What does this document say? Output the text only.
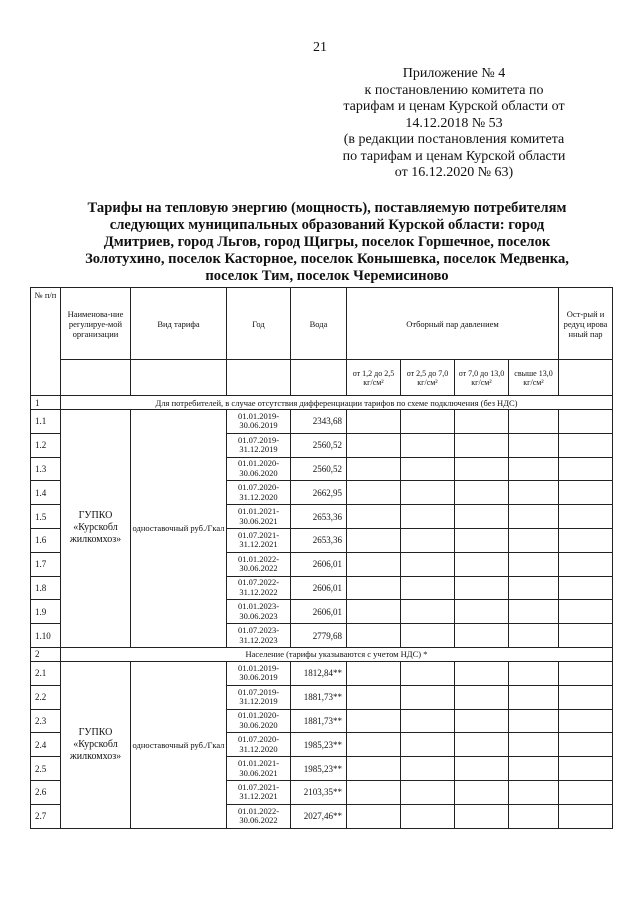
21
Приложение № 4
к постановлению комитета по
тарифам и ценам Курской области от
14.12.2018 № 53
(в редакции постановления комитета
по тарифам и ценам Курской области
от 16.12.2020 № 63)
Тарифы на тепловую энергию (мощность), поставляемую потребителям
следующих муниципальных образований Курской области: город
Дмитриев, город Льгов, город Щигры, поселок Горшечное, поселок
Золотухино, поселок Касторное, поселок Конышевка, поселок Медвенка,
поселок Тим, поселок Черемисиново
№ п/п	Наименова-ние регулируе-мой организации	Вид тарифа	Год	Вода	Отборный пар давлением				Ост-рый и редуц ирова нный пар
					от 1,2 до 2,5 кг/см²	от 2,5 до 7,0 кг/см²	от 7,0 до 13,0 кг/см²	свыше 13,0 кг/см²	
1	Для потребителей, в случае отсутствия дифференциации тарифов по схеме подключения (без НДС)								
1.1	ГУПКО «Курскобл жилкомхоз»	одноставочный руб./Гкал	01.01.2019-30.06.2019	2343,68					
1.2			01.07.2019-31.12.2019	2560,52					
1.3			01.01.2020-30.06.2020	2560,52					
1.4			01.07.2020-31.12.2020	2662,95					
1.5			01.01.2021-30.06.2021	2653,36					
1.6			01.07.2021-31.12.2021	2653,36					
1.7			01.01.2022-30.06.2022	2606,01					
1.8			01.07.2022-31.12.2022	2606,01					
1.9			01.01.2023-30.06.2023	2606,01					
1.10			01.07.2023-31.12.2023	2779,68					
2	Население (тарифы указываются с учетом НДС) *								
2.1	ГУПКО «Курскобл жилкомхоз»	одноставочный руб./Гкал	01.01.2019-30.06.2019	1812,84**					
2.2			01.07.2019-31.12.2019	1881,73**					
2.3			01.01.2020-30.06.2020	1881,73**					
2.4			01.07.2020-31.12.2020	1985,23**					
2.5			01.01.2021-30.06.2021	1985,23**					
2.6			01.07.2021-31.12.2021	2103,35**					
2.7			01.01.2022-30.06.2022	2027,46**					
